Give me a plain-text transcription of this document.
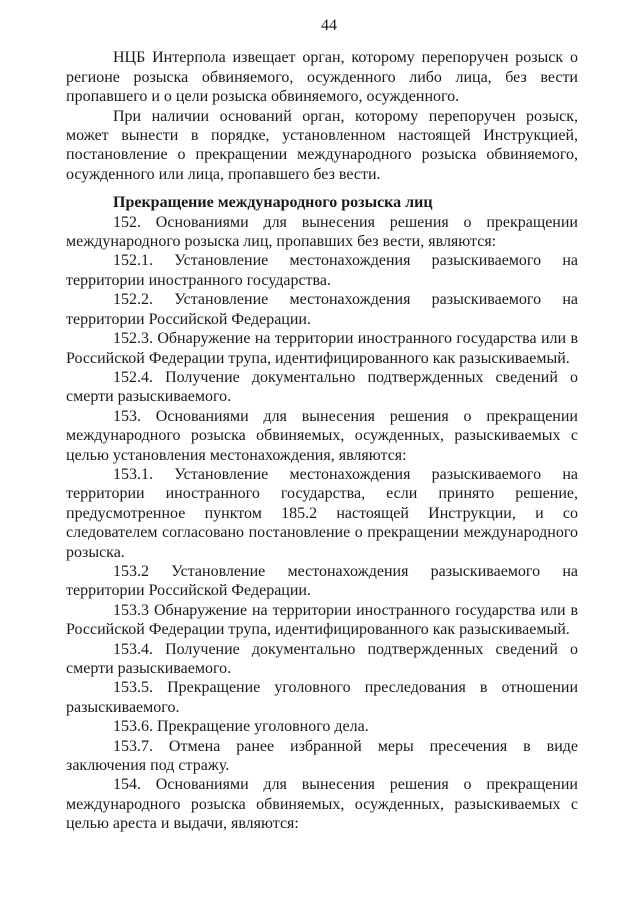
44
НЦБ Интерпола извещает орган, которому перепоручен розыск о регионе розыска обвиняемого, осужденного либо лица, без вести пропавшего и о цели розыска обвиняемого, осужденного.
При наличии оснований орган, которому перепоручен розыск, может вынести в порядке, установленном настоящей Инструкцией, постановление о прекращении международного розыска обвиняемого, осужденного или лица, пропавшего без вести.
Прекращение международного розыска лиц
152. Основаниями для вынесения решения о прекращении международного розыска лиц, пропавших без вести, являются:
152.1. Установление местонахождения разыскиваемого на территории иностранного государства.
152.2. Установление местонахождения разыскиваемого на территории Российской Федерации.
152.3. Обнаружение на территории иностранного государства или в Российской Федерации трупа, идентифицированного как разыскиваемый.
152.4. Получение документально подтвержденных сведений о смерти разыскиваемого.
153. Основаниями для вынесения решения о прекращении международного розыска обвиняемых, осужденных, разыскиваемых с целью установления местонахождения, являются:
153.1. Установление местонахождения разыскиваемого на территории иностранного государства, если принято решение, предусмотренное пунктом 185.2 настоящей Инструкции, и со следователем согласовано постановление о прекращении международного розыска.
153.2 Установление местонахождения разыскиваемого на территории Российской Федерации.
153.3 Обнаружение на территории иностранного государства или в Российской Федерации трупа, идентифицированного как разыскиваемый.
153.4. Получение документально подтвержденных сведений о смерти разыскиваемого.
153.5. Прекращение уголовного преследования в отношении разыскиваемого.
153.6. Прекращение уголовного дела.
153.7. Отмена ранее избранной меры пресечения в виде заключения под стражу.
154. Основаниями для вынесения решения о прекращении международного розыска обвиняемых, осужденных, разыскиваемых с целью ареста и выдачи, являются:
